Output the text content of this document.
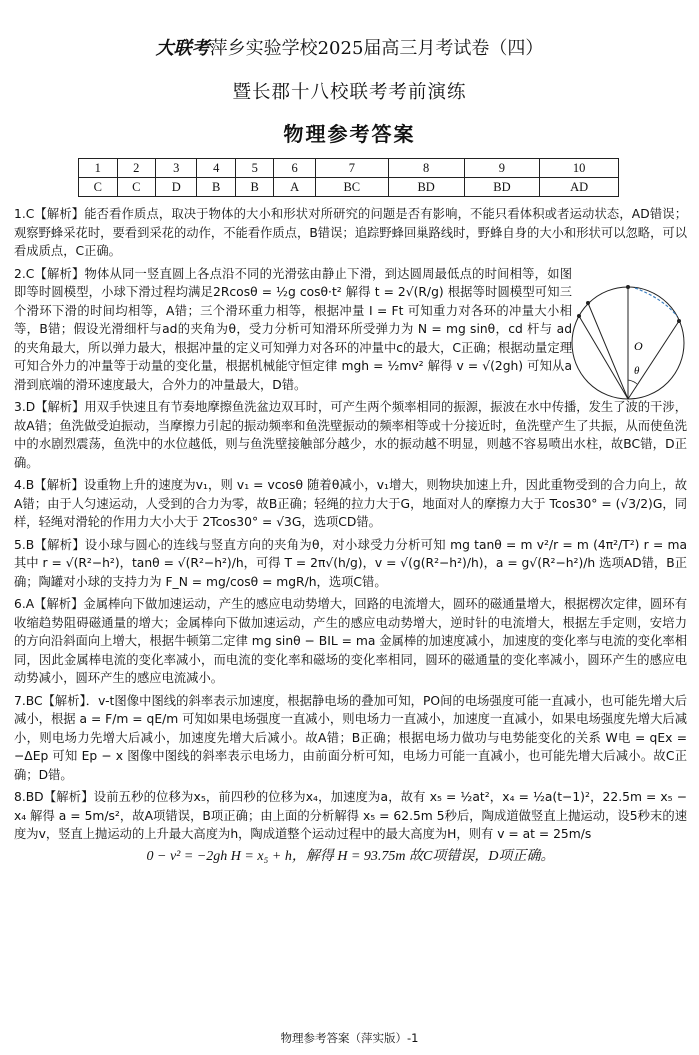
大联考萍乡实验学校2025届高三月考试卷（四）
暨长郡十八校联考考前演练
物理参考答案
1	2	3	4	5	6	7	8	9	10
C	C	D	B	B	A	BC	BD	BD	AD

1.C【解析】能否看作质点，取决于物体的大小和形状对所研究的问题是否有影响，不能只看体积或者运动状态，AD错误；观察野蜂采花时，要看到采花的动作，不能看作质点，B错误；追踪野蜂回巢路线时，野蜂自身的大小和形状可以忽略，可以看成质点，C正确。

2.C【解析】物体从同一竖直圆上各点沿不同的光滑弦由静止下滑，到达圆周最低点的时间相等，如图即等时圆模型，小球下滑过程均满足2Rcosθ = ½g cosθ·t² 解得 t = 2√(R/g) 根据等时圆模型可知三个滑环下滑的时间均相等，A错；三个滑环重力相等，根据冲量 I = Ft 可知重力对各环的冲量大小相等，B错；假设光滑细杆与ad的夹角为θ，受力分析可知滑环所受弹力为 N = mg sinθ，cd 杆与 ad 的夹角最大，所以弹力最大，根据冲量的定义可知弹力对各环的冲量中c的最大，C正确；根据动量定理可知合外力的冲量等于动量的变化量，根据机械能守恒定律 mgh = ½mv² 解得 v = √(2gh) 可知从a滑到底端的滑环速度最大，合外力的冲量最大，D错。

3.D【解析】用双手快速且有节奏地摩擦鱼洗盆边双耳时，可产生两个频率相同的振源，振波在水中传播，发生了波的干涉，故A错；鱼洗做受迫振动，当摩擦力引起的振动频率和鱼洗壁振动的频率相等或十分接近时，鱼洗壁产生了共振，从而使鱼洗中的水剧烈震荡，鱼洗中的水位越低，则与鱼洗壁接触部分越少，水的振动越不明显，则越不容易喷出水柱，故BC错，D正确。

4.B【解析】设重物上升的速度为v₁，则 v₁ = vcosθ 随着θ减小，v₁增大，则物块加速上升，因此重物受到的合力向上，故A错；由于人匀速运动，人受到的合力为零，故B正确；轻绳的拉力大于G，地面对人的摩擦力大于 Tcos30° = (√3/2)G，同样，轻绳对滑轮的作用力大小大于 2Tcos30° = √3G，选项CD错。

5.B【解析】设小球与圆心的连线与竖直方向的夹角为θ，对小球受力分析可知 mg tanθ = m v²/r = m (4π²/T²) r = ma 其中 r = √(R²−h²)，tanθ = √(R²−h²)/h，可得 T = 2π√(h/g)，v = √(g(R²−h²)/h)，a = g√(R²−h²)/h 选项AD错，B正确；陶罐对小球的支持力为 F_N = mg/cosθ = mgR/h，选项C错。

6.A【解析】金属棒向下做加速运动，产生的感应电动势增大，回路的电流增大，圆环的磁通量增大，根据楞次定律，圆环有收缩趋势阻碍磁通量的增大；金属棒向下做加速运动，产生的感应电动势增大，逆时针的电流增大，根据左手定则，安培力的方向沿斜面向上增大，根据牛顿第二定律 mg sinθ − BIL = ma 金属棒的加速度减小，加速度的变化率与电流的变化率相同，因此金属棒电流的变化率减小，而电流的变化率和磁场的变化率相同，圆环的磁通量的变化率减小，圆环产生的感应电动势减小，圆环产生的感应电流减小。

7.BC【解析】．v-t图像中图线的斜率表示加速度，根据静电场的叠加可知，PO间的电场强度可能一直减小，也可能先增大后减小，根据 a = F/m = qE/m 可知如果电场强度一直减小，则电场力一直减小，加速度一直减小，如果电场强度先增大后减小，则电场力先增大后减小，加速度先增大后减小。故A错；B正确；根据电场力做功与电势能变化的关系 W电 = qEx = −ΔEp 可知 Ep − x 图像中图线的斜率表示电场力，由前面分析可知，电场力可能一直减小，也可能先增大后减小。故C正确；D错。

8.BD【解析】设前五秒的位移为x₅，前四秒的位移为x₄，加速度为a，故有 x₅ = ½at²，x₄ = ½a(t−1)²，22.5m = x₅ − x₄ 解得 a = 5m/s²，故A项错误，B项正确；由上面的分析解得 x₅ = 62.5m 5秒后，陶成道做竖直上抛运动，设5秒末的速度为v，竖直上抛运动的上升最大高度为h，陶成道整个运动过程中的最大高度为H，则有 v = at = 25m/s

0 − v² = −2gh H = x₅ + h，解得 H = 93.75m 故C项错误，D项正确。

O
θ
物理参考答案（萍实版）-1
